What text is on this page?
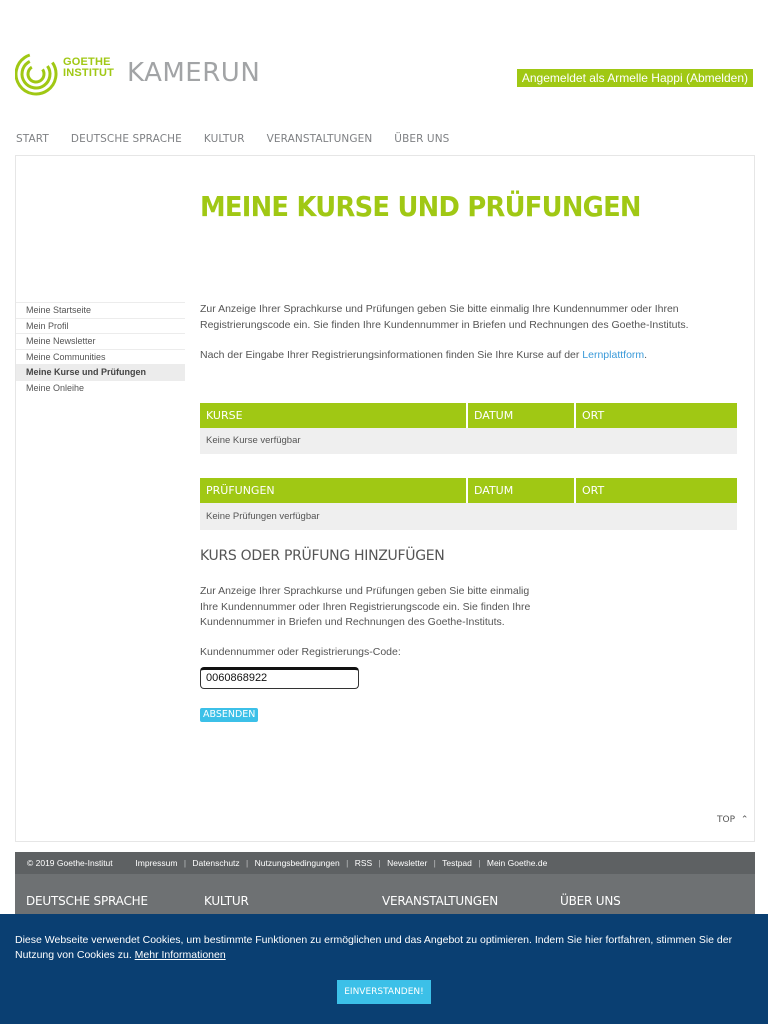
GOETHE
INSTITUT KAMERUN	Angemeldet als Armelle Happi (Abmelden)
START DEUTSCHE SPRACHE KULTUR VERANSTALTUNGEN ÜBER UNS
MEINE KURSE UND PRÜFUNGEN
Meine Startseite
Mein Profil
Meine Newsletter
Meine Communities
Meine Kurse und Prüfungen
Meine Onleihe

Zur Anzeige Ihrer Sprachkurse und Prüfungen geben Sie bitte einmalig Ihre Kundennummer oder Ihren Registrierungscode ein. Sie finden Ihre Kundennummer in Briefen und Rechnungen des Goethe-Instituts.

Nach der Eingabe Ihrer Registrierungsinformationen finden Sie Ihre Kurse auf der Lernplattform.

KURSE	DATUM	ORT
Keine Kurse verfügbar
PRÜFUNGEN	DATUM	ORT
Keine Prüfungen verfügbar
KURS ODER PRÜFUNG HINZUFÜGEN

Zur Anzeige Ihrer Sprachkurse und Prüfungen geben Sie bitte einmalig Ihre Kundennummer oder Ihren Registrierungscode ein. Sie finden Ihre Kundennummer in Briefen und Rechnungen des Goethe-Instituts.

Kundennummer oder Registrierungs-Code:
0060868922
ABSENDEN
TOP ⌃
© 2019 Goethe-Institut	Impressum | Datenschutz | Nutzungsbedingungen | RSS | Newsletter | Testpad | Mein Goethe.de
DEUTSCHE SPRACHE	KULTUR	VERANSTALTUNGEN	ÜBER UNS
Diese Webseite verwendet Cookies, um bestimmte Funktionen zu ermöglichen und das Angebot zu optimieren. Indem Sie hier fortfahren, stimmen Sie der Nutzung von Cookies zu. Mehr Informationen
EINVERSTANDEN!
